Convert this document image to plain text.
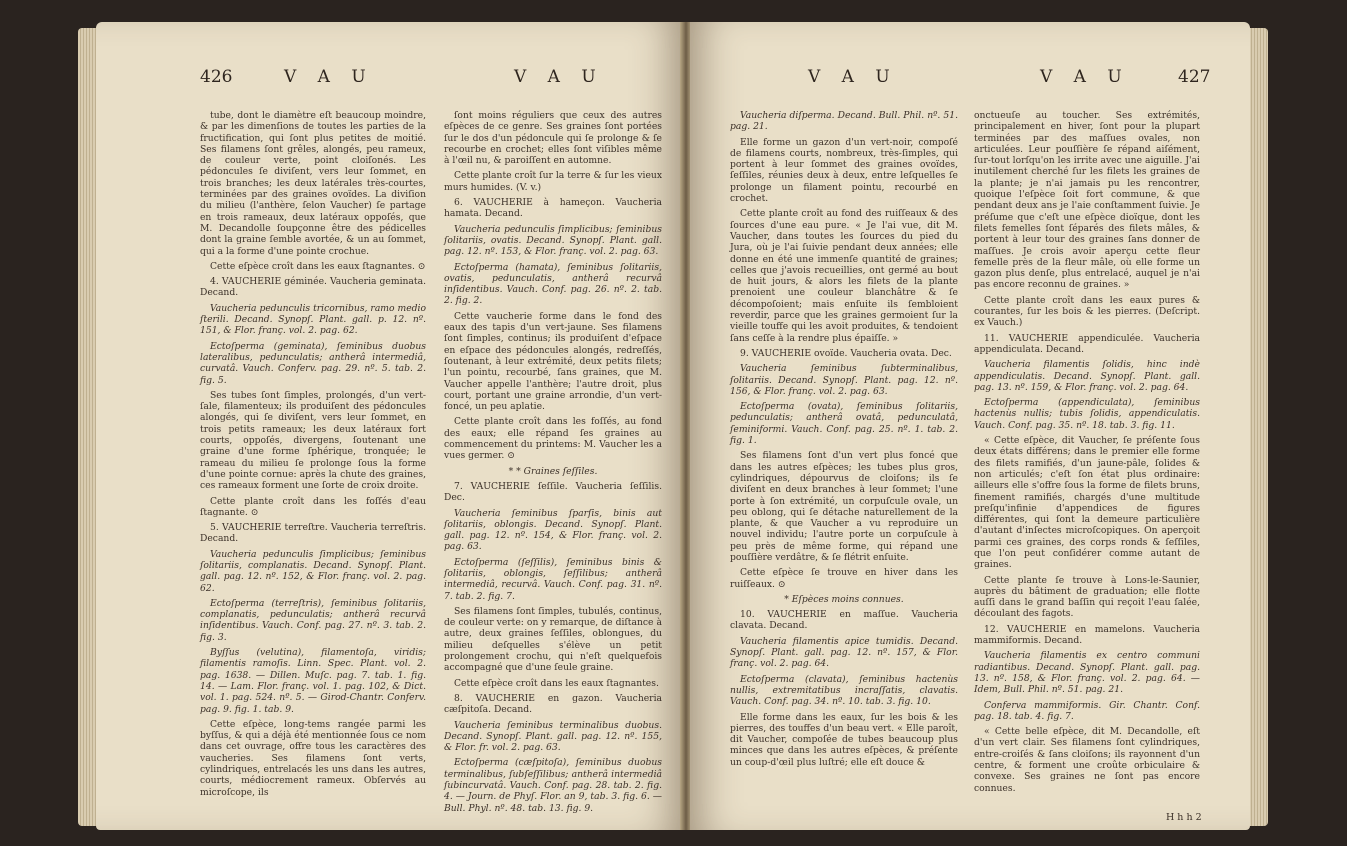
426	V A U	V A U

tube, dont le diamètre eſt beaucoup moindre, & par les dimenſions de toutes les parties de la fructification, qui ſont plus petites de moitié. Ses filamens ſont grêles, alongés, peu rameux, de couleur verte, point cloiſonés. Les pédoncules ſe diviſent, vers leur ſommet, en trois branches; les deux latérales très-courtes, terminées par des graines ovoïdes. La diviſion du milieu (l'anthère, ſelon Vaucher) ſe partage en trois rameaux, deux latéraux oppoſés, que M. Decandolle ſoupçonne être des pédicelles dont la graine ſemble avortée, & un au ſommet, qui a la forme d'une pointe crochue.

Cette eſpèce croît dans les eaux ſtagnantes. ⊙

4. VAUCHERIE géminée. Vaucheria geminata. Decand.

Vaucheria pedunculis tricornibus, ramo medio ſterili. Decand. Synopſ. Plant. gall. p. 12. nº. 151, & Flor. franç. vol. 2. pag. 62.

Ectoſperma (geminata), ſeminibus duobus lateralibus, pedunculatis; antherâ intermediâ, curvatâ. Vauch. Conferv. pag. 29. nº. 5. tab. 2. fig. 5.

Ses tubes ſont ſimples, prolongés, d'un vert-ſale, filamenteux; ils produiſent des pédoncules alongés, qui ſe diviſent, vers leur ſommet, en trois petits rameaux; les deux latéraux fort courts, oppoſés, divergens, ſoutenant une graine d'une forme ſphérique, tronquée; le rameau du milieu ſe prolonge ſous la forme d'une pointe cornue: après la chute des graines, ces rameaux forment une ſorte de croix droite.

Cette plante croît dans les foſſés d'eau ſtagnante. ⊙

5. VAUCHERIE terreſtre. Vaucheria terreſtris. Decand.

Vaucheria pedunculis ſimplicibus; ſeminibus ſolitariis, complanatis. Decand. Synopſ. Plant. gall. pag. 12. nº. 152, & Flor. franç. vol. 2. pag. 62.

Ectoſperma (terreſtris), ſeminibus ſolitariis, complanatis, pedunculatis; antherâ recurvâ inſidentibus. Vauch. Conf. pag. 27. nº. 3. tab. 2. fig. 3.

Byſſus (velutina), filamentoſa, viridis; filamentis ramoſis. Linn. Spec. Plant. vol. 2. pag. 1638. — Dillen. Muſc. pag. 7. tab. 1. fig. 14. — Lam. Flor. franç. vol. 1. pag. 102, & Dict. vol. 1. pag. 524. nº. 5. — Girod-Chantr. Conferv. pag. 9. fig. 1. tab. 9.

Cette eſpèce, long-tems rangée parmi les byſſus, & qui a déjà été mentionnée ſous ce nom dans cet ouvrage, offre tous les caractères des vaucheries. Ses filamens ſont verts, cylindriques, entrelacés les uns dans les autres, courts, médiocrement rameux. Obſervés au microſcope, ils

ſont moins réguliers que ceux des autres eſpèces de ce genre. Ses graines ſont portées ſur le dos d'un pédoncule qui ſe prolonge & ſe recourbe en crochet; elles ſont viſibles même à l'œil nu, & paroiſſent en automne.

Cette plante croît ſur la terre & ſur les vieux murs humides. (V. v.)

6. VAUCHERIE à hameçon. Vaucheria hamata. Decand.

Vaucheria pedunculis ſimplicibus; ſeminibus ſolitariis, ovatis. Decand. Synopſ. Plant. gall. pag. 12. nº. 153, & Flor. franç. vol. 2. pag. 63.

Ectoſperma (hamata), ſeminibus ſolitariis, ovatis, pedunculatis, antherâ recurvâ inſidentibus. Vauch. Conf. pag. 26. nº. 2. tab. 2. fig. 2.

Cette vaucherie forme dans le fond des eaux des tapis d'un vert-jaune. Ses filamens ſont ſimples, continus; ils produiſent d'eſpace en eſpace des pédoncules alongés, redreſſés, ſoutenant, à leur extrémité, deux petits filets; l'un pointu, recourbé, ſans graines, que M. Vaucher appelle l'anthère; l'autre droit, plus court, portant une graine arrondie, d'un vert-foncé, un peu aplatie.

Cette plante croît dans les foſſés, au fond des eaux; elle répand ſes graines au commencement du printems: M. Vaucher les a vues germer. ⊙

* * Graines ſeſſiles.

7. VAUCHERIE ſeſſile. Vaucheria ſeſſilis. Dec.

Vaucheria ſeminibus ſparſis, binis aut ſolitariis, oblongis. Decand. Synopſ. Plant. gall. pag. 12. nº. 154, & Flor. franç. vol. 2. pag. 63.

Ectoſperma (ſeſſilis), ſeminibus binis & ſolitariis, oblongis, ſeſſilibus; antherâ intermediâ, recurvâ. Vauch. Conf. pag. 31. nº. 7. tab. 2. fig. 7.

Ses filamens ſont ſimples, tubulés, continus, de couleur verte: on y remarque, de diſtance à autre, deux graines ſeſſiles, oblongues, du milieu deſquelles s'élève un petit prolongement crochu, qui n'eſt quelquefois accompagné que d'une ſeule graine.

Cette eſpèce croît dans les eaux ſtagnantes.

8. VAUCHERIE en gazon. Vaucheria cæſpitoſa. Decand.

Vaucheria ſeminibus terminalibus duobus. Decand. Synopſ. Plant. gall. pag. 12. nº. 155, & Flor. fr. vol. 2. pag. 63.

Ectoſperma (cæſpitoſa), ſeminibus duobus terminalibus, ſubſeſſilibus; antherâ intermediâ ſubincurvatâ. Vauch. Conf. pag. 28. tab. 2. fig. 4. — Journ. de Phyſ. Flor. an 9, tab. 3. fig. 6. — Bull. Phyl. nº. 48. tab. 13. fig. 9.

V A U	V A U	427

Vaucheria diſperma. Decand. Bull. Phil. nº. 51. pag. 21.

Elle forme un gazon d'un vert-noir, compoſé de filamens courts, nombreux, très-ſimples, qui portent à leur ſommet des graines ovoïdes, ſeſſiles, réunies deux à deux, entre leſquelles ſe prolonge un filament pointu, recourbé en crochet.

Cette plante croît au fond des ruiſſeaux & des ſources d'une eau pure. « Je l'ai vue, dit M. Vaucher, dans toutes les ſources du pied du Jura, où je l'ai ſuivie pendant deux années; elle donne en été une immenſe quantité de graines; celles que j'avois recueillies, ont germé au bout de huit jours, & alors les filets de la plante prenoient une couleur blanchâtre & ſe décompoſoient; mais enſuite ils ſembloient reverdir, parce que les graines germoient ſur la vieille touffe qui les avoit produites, & tendoient ſans ceſſe à la rendre plus épaiſſe. »

9. VAUCHERIE ovoïde. Vaucheria ovata. Dec.

Vaucheria ſeminibus ſubterminalibus, ſolitariis. Decand. Synopſ. Plant. pag. 12. nº. 156, & Flor. franç. vol. 2. pag. 63.

Ectoſperma (ovata), ſeminibus ſolitariis, pedunculatis; antherâ ovatâ, pedunculatâ, ſeminiformi. Vauch. Conf. pag. 25. nº. 1. tab. 2. fig. 1.

Ses filamens ſont d'un vert plus foncé que dans les autres eſpèces; les tubes plus gros, cylindriques, dépourvus de cloiſons; ils ſe diviſent en deux branches à leur ſommet; l'une porte à ſon extrémité, un corpuſcule ovale, un peu oblong, qui ſe détache naturellement de la plante, & que Vaucher a vu reproduire un nouvel individu; l'autre porte un corpuſcule à peu près de même forme, qui répand une pouſſière verdâtre, & ſe flétrit enſuite.

Cette eſpèce ſe trouve en hiver dans les ruiſſeaux. ⊙

* Eſpèces moins connues.

10. VAUCHERIE en maſſue. Vaucheria clavata. Decand.

Vaucheria filamentis apice tumidis. Decand. Synopſ. Plant. gall. pag. 12. nº. 157, & Flor. franç. vol. 2. pag. 64.

Ectoſperma (clavata), ſeminibus hactenùs nullis, extremitatibus incraſſatis, clavatis. Vauch. Conf. pag. 34. nº. 10. tab. 3. fig. 10.

Elle forme dans les eaux, ſur les bois & les pierres, des touffes d'un beau vert. « Elle paroît, dit Vaucher, compoſée de tubes beaucoup plus minces que dans les autres eſpèces, & préſente un coup-d'œil plus luſtré; elle eſt douce &

onctueuſe au toucher. Ses extrémités, principalement en hiver, ſont pour la plupart terminées par des maſſues ovales, non articulées. Leur pouſſière ſe répand aiſément, ſur-tout lorſqu'on les irrite avec une aiguille. J'ai inutilement cherché ſur les filets les graines de la plante; je n'ai jamais pu les rencontrer, quoique l'eſpèce ſoit fort commune, & que pendant deux ans je l'aie conſtamment ſuivie. Je préſume que c'eſt une eſpèce dioïque, dont les filets femelles ſont ſéparés des filets mâles, & portent à leur tour des graines ſans donner de maſſues. Je crois avoir aperçu cette fleur femelle près de la fleur mâle, où elle forme un gazon plus denſe, plus entrelacé, auquel je n'ai pas encore reconnu de graines. »

Cette plante croît dans les eaux pures & courantes, ſur les bois & les pierres. (Deſcript. ex Vauch.)

11. VAUCHERIE appendiculée. Vaucheria appendiculata. Decand.

Vaucheria filamentis ſolidis, hinc indè appendiculatis. Decand. Synopſ. Plant. gall. pag. 13. nº. 159, & Flor. franç. vol. 2. pag. 64.

Ectoſperma (appendiculata), ſeminibus hactenùs nullis; tubis ſolidis, appendiculatis. Vauch. Conf. pag. 35. nº. 18. tab. 3. fig. 11.

« Cette eſpèce, dit Vaucher, ſe préſente ſous deux états différens; dans le premier elle forme des filets ramifiés, d'un jaune-pâle, ſolides & non articulés; c'eſt ſon état plus ordinaire: ailleurs elle s'offre ſous la forme de filets bruns, finement ramifiés, chargés d'une multitude preſqu'infinie d'appendices de figures différentes, qui ſont la demeure particulière d'autant d'inſectes microſcopiques. On aperçoit parmi ces graines, des corps ronds & ſeſſiles, que l'on peut conſidérer comme autant de graines.

Cette plante ſe trouve à Lons-le-Saunier, auprès du bâtiment de graduation; elle flotte auſſi dans le grand baſſin qui reçoit l'eau ſalée, découlant des fagots.

12. VAUCHERIE en mamelons. Vaucheria mammiformis. Decand.

Vaucheria filamentis ex centro communi radiantibus. Decand. Synopſ. Plant. gall. pag. 13. nº. 158, & Flor. franç. vol. 2. pag. 64. — Idem, Bull. Phil. nº. 51. pag. 21.

Conferva mammiformis. Gir. Chantr. Conf. pag. 18. tab. 4. fig. 7.

« Cette belle eſpèce, dit M. Decandolle, eſt d'un vert clair. Ses filamens ſont cylindriques, entre-croiſés & ſans cloiſons; ils rayonnent d'un centre, & forment une croûte orbiculaire & convexe. Ses graines ne ſont pas encore connues.

H h h 2
